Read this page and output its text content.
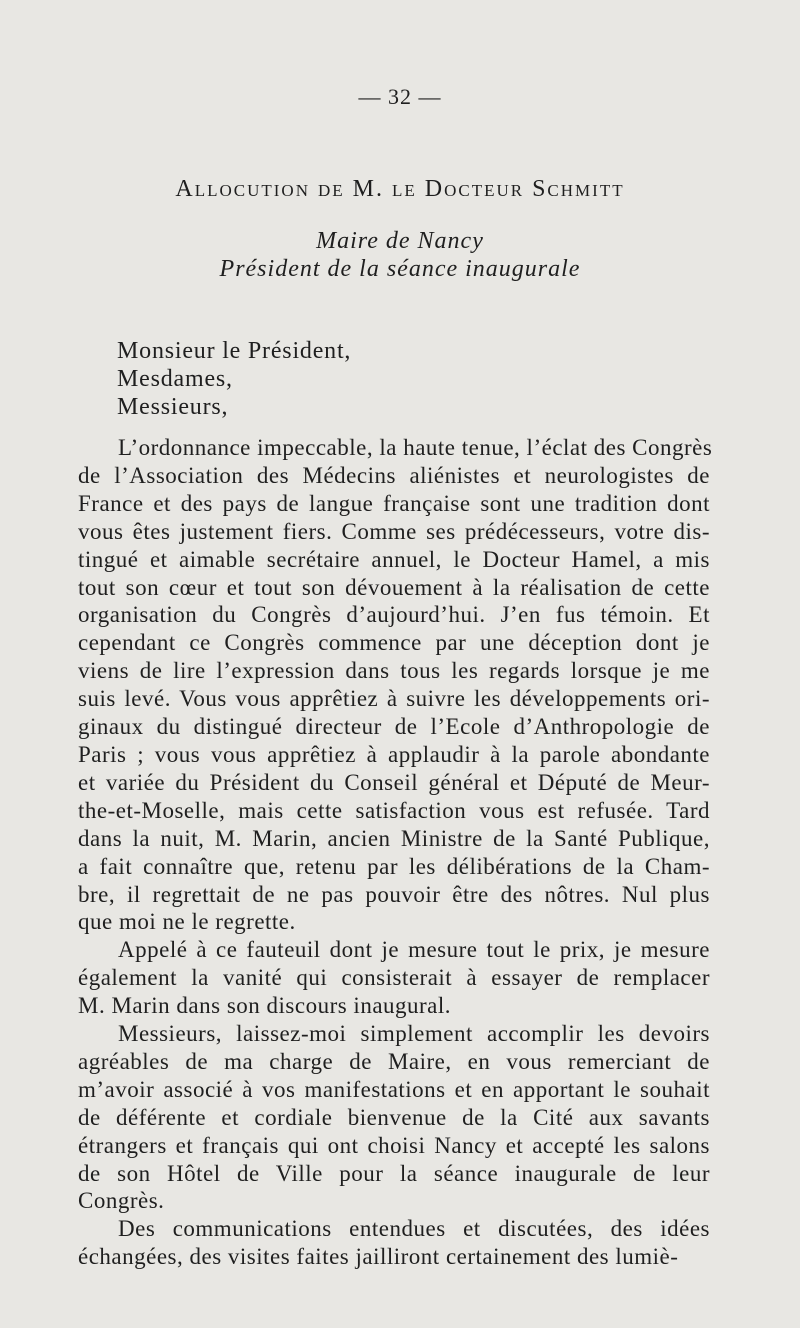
— 32 —
Allocution de M. le Docteur Schmitt
Maire de Nancy
Président de la séance inaugurale
Monsieur le Président,
Mesdames,
Messieurs,
L’ordonnance impeccable, la haute tenue, l’éclat des Congrès
de l’Association des Médecins aliénistes et neurologistes de
France et des pays de langue française sont une tradition dont
vous êtes justement fiers. Comme ses prédécesseurs, votre dis-
tingué et aimable secrétaire annuel, le Docteur Hamel, a mis
tout son cœur et tout son dévouement à la réalisation de cette
organisation du Congrès d’aujourd’hui. J’en fus témoin. Et
cependant ce Congrès commence par une déception dont je
viens de lire l’expression dans tous les regards lorsque je me
suis levé. Vous vous apprêtiez à suivre les développements ori-
ginaux du distingué directeur de l’Ecole d’Anthropologie de
Paris ; vous vous apprêtiez à applaudir à la parole abondante
et variée du Président du Conseil général et Député de Meur-
the-et-Moselle, mais cette satisfaction vous est refusée. Tard
dans la nuit, M. Marin, ancien Ministre de la Santé Publique,
a fait connaître que, retenu par les délibérations de la Cham-
bre, il regrettait de ne pas pouvoir être des nôtres. Nul plus
que moi ne le regrette.
Appelé à ce fauteuil dont je mesure tout le prix, je mesure
également la vanité qui consisterait à essayer de remplacer
M. Marin dans son discours inaugural.
Messieurs, laissez-moi simplement accomplir les devoirs
agréables de ma charge de Maire, en vous remerciant de
m’avoir associé à vos manifestations et en apportant le souhait
de déférente et cordiale bienvenue de la Cité aux savants
étrangers et français qui ont choisi Nancy et accepté les salons
de son Hôtel de Ville pour la séance inaugurale de leur
Congrès.
Des communications entendues et discutées, des idées
échangées, des visites faites jailliront certainement des lumiè-
